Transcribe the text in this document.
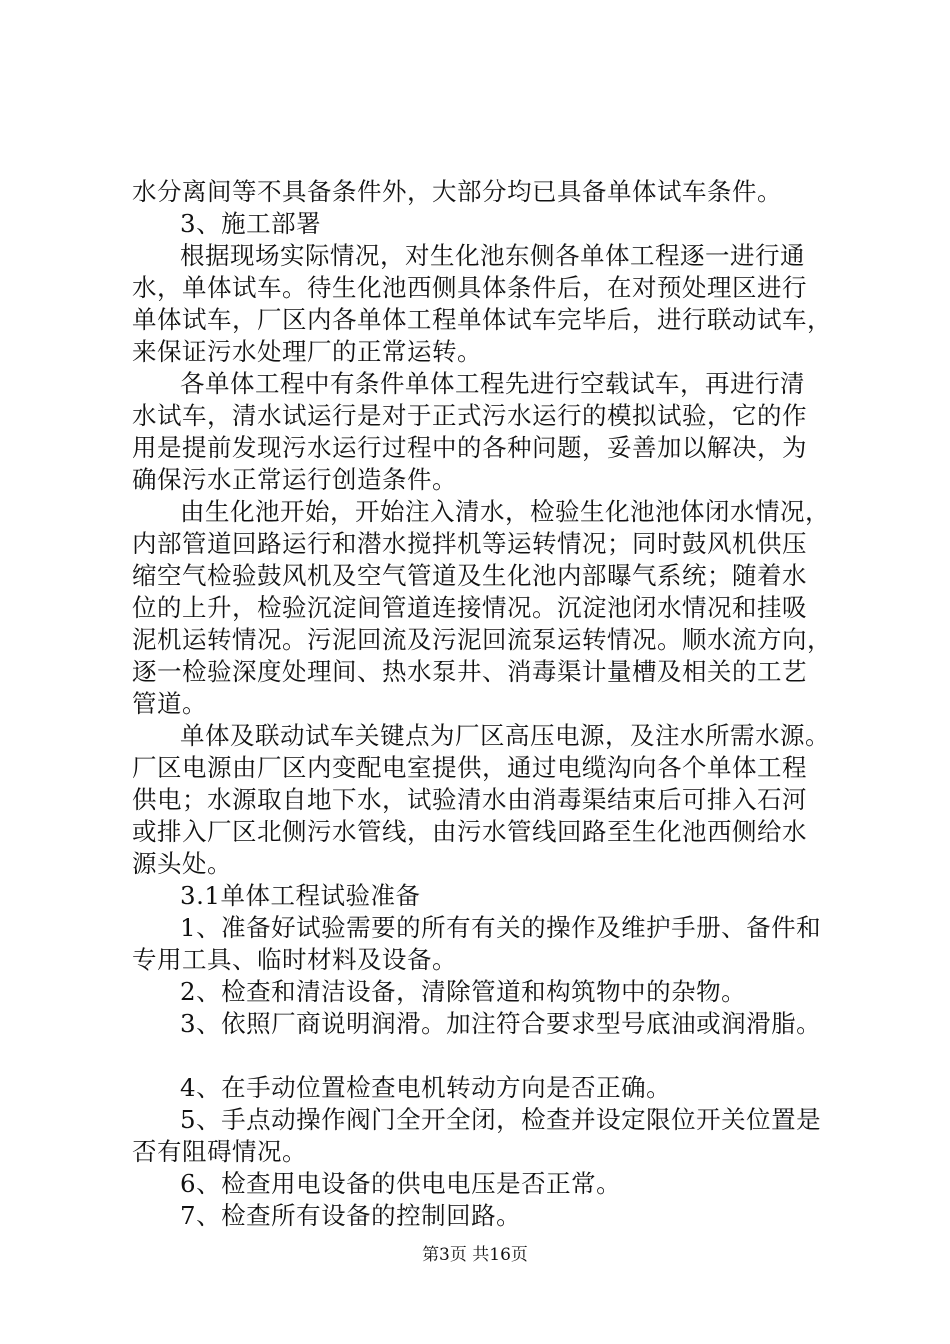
水分离间等不具备条件外，大部分均已具备单体试车条件。
3、施工部署
根据现场实际情况，对生化池东侧各单体工程逐一进行通
水，单体试车。待生化池西侧具体条件后，在对预处理区进行
单体试车，厂区内各单体工程单体试车完毕后，进行联动试车，
来保证污水处理厂的正常运转。
各单体工程中有条件单体工程先进行空载试车，再进行清
水试车，清水试运行是对于正式污水运行的模拟试验，它的作
用是提前发现污水运行过程中的各种问题，妥善加以解决，为
确保污水正常运行创造条件。
由生化池开始，开始注入清水，检验生化池池体闭水情况，
内部管道回路运行和潜水搅拌机等运转情况；同时鼓风机供压
缩空气检验鼓风机及空气管道及生化池内部曝气系统；随着水
位的上升，检验沉淀间管道连接情况。沉淀池闭水情况和挂吸
泥机运转情况。污泥回流及污泥回流泵运转情况。顺水流方向，
逐一检验深度处理间、热水泵井、消毒渠计量槽及相关的工艺
管道。
单体及联动试车关键点为厂区高压电源，及注水所需水源。
厂区电源由厂区内变配电室提供，通过电缆沟向各个单体工程
供电；水源取自地下水，试验清水由消毒渠结束后可排入石河
或排入厂区北侧污水管线，由污水管线回路至生化池西侧给水
源头处。
3.1单体工程试验准备
1、准备好试验需要的所有有关的操作及维护手册、备件和
专用工具、临时材料及设备。
2、检查和清洁设备，清除管道和构筑物中的杂物。
3、依照厂商说明润滑。加注符合要求型号底油或润滑脂。
4、在手动位置检查电机转动方向是否正确。
5、手点动操作阀门全开全闭，检查并设定限位开关位置是
否有阻碍情况。
6、检查用电设备的供电电压是否正常。
7、检查所有设备的控制回路。
第3页 共16页
